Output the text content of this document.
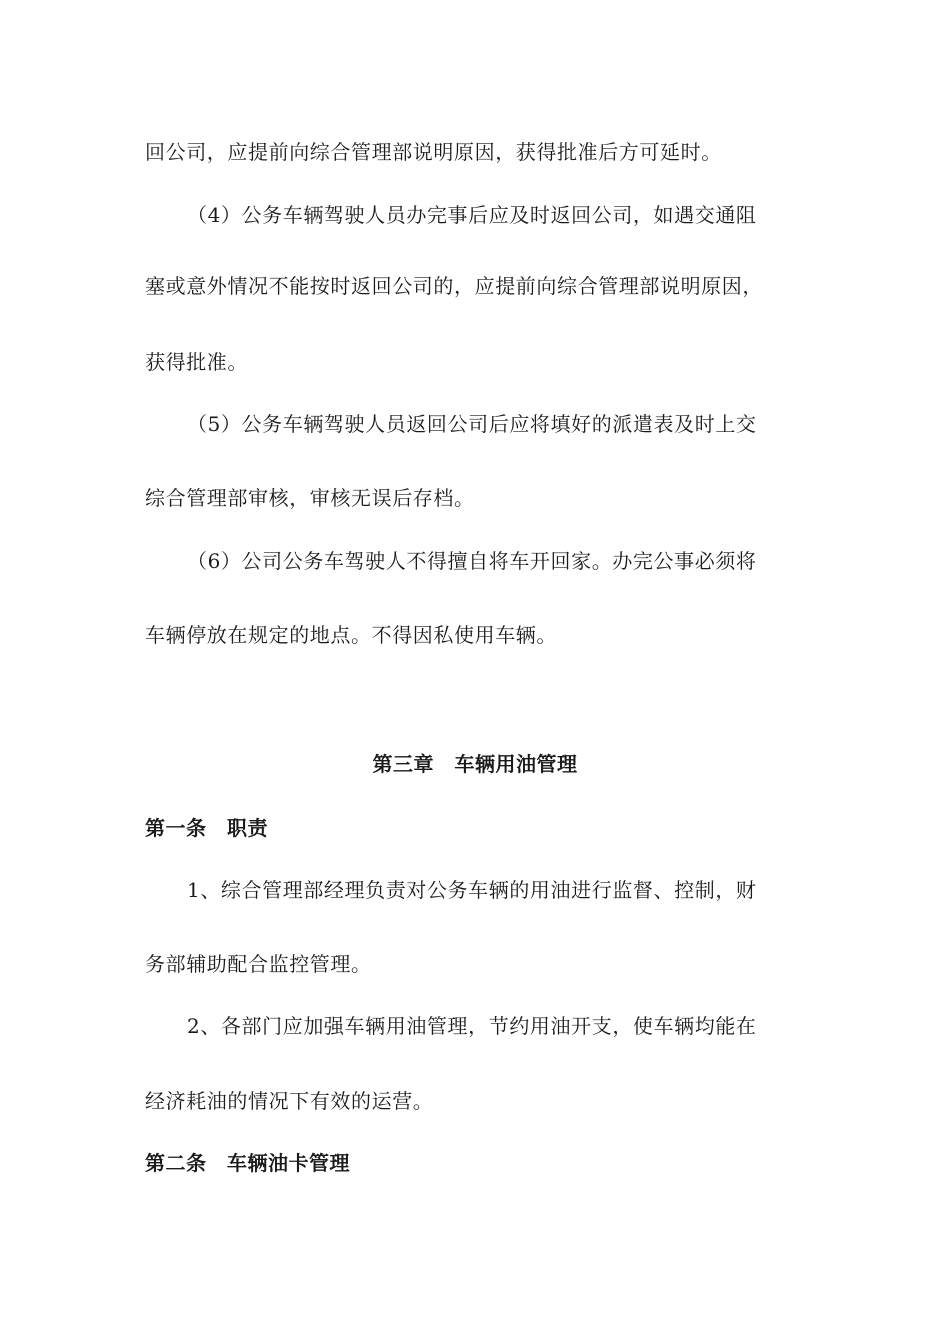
回公司，应提前向综合管理部说明原因，获得批准后方可延时。
（4）公务车辆驾驶人员办完事后应及时返回公司，如遇交通阻
塞或意外情况不能按时返回公司的，应提前向综合管理部说明原因，
获得批准。
（5）公务车辆驾驶人员返回公司后应将填好的派遣表及时上交
综合管理部审核，审核无误后存档。
（6）公司公务车驾驶人不得擅自将车开回家。办完公事必须将
车辆停放在规定的地点。不得因私使用车辆。
第三章　车辆用油管理
第一条　职责
1、综合管理部经理负责对公务车辆的用油进行监督、控制，财
务部辅助配合监控管理。
2、各部门应加强车辆用油管理，节约用油开支，使车辆均能在
经济耗油的情况下有效的运营。
第二条　车辆油卡管理
